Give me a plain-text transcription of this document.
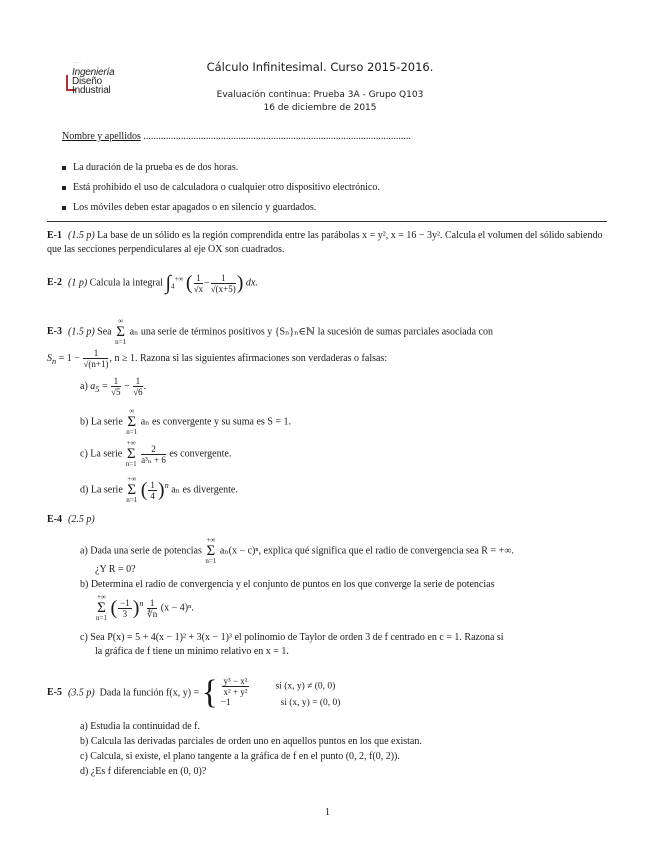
·····
Ingeniería
Diseño
Industrial
Cálculo Infinitesimal. Curso 2015-2016.
Evaluación continua: Prueba 3A - Grupo Q103
16 de diciembre de 2015
Nombre y apellidos ...........................................................................................................
La duración de la prueba es de dos horas.
Está prohibido el uso de calculadora o cualquier otro dispositivo electrónico.
Los móviles deben estar apagados o en silencio y guardados.
E-1 (1.5 p) La base de un sólido es la región comprendida entre las parábolas x = y², x = 16 − 3y². Calcula el volumen del sólido sabiendo que las secciones perpendiculares al eje OX son cuadrados.
E-2 (1 p) Calcula la integral $\int_4^{+\infty}$ ( $\frac{1}{√x} - \frac{1}{√(x+5)}$ ) dx.
E-3 (1.5 p) Sea ∞
Σ
n=1 aₙ una serie de términos positivos y {Sₙ}ₙ∈ℕ la sucesión de sumas parciales asociada con
$S_n = 1 - \frac{1}{√(n+1)}$ , n ≥ 1. Razona si las siguientes afirmaciones son verdaderas o falsas:
a) $a_5 = \frac{1}{√5} - \frac{1}{√6}$ .
b) La serie ∞
Σ
n=1 aₙ es convergente y su suma es S = 1.
c) La serie +∞
Σ
$n=1 \frac{2}{\text{a³ₙ + 6}}$ es convergente.
d) La serie +∞
Σ
n=1 ( $\frac{1}{4} )^n$ aₙ es divergente.
E-4 (2.5 p)
a) Dada una serie de potencias +∞
Σ
n=1 aₙ(x − c)ⁿ, explica qué significa que el radio de convergencia sea R = +∞.
¿Y R = 0?
b) Determina el radio de convergencia y el conjunto de puntos en los que converge la serie de potencias
+∞
Σ
n=1 ( $\frac{-1}{3} )^n \frac{1}{∜n} (x - 4)^n$.
c) Sea P(x) = 5 + 4(x − 1)² + 3(x − 1)³ el polinomio de Taylor de orden 3 de f centrado en c = 1. Razona si
la gráfica de f tiene un mínimo relativo en x = 1.
E-5 (3.5 p) Dada la función f(x, y) = { $\frac{\text{y³ − x²}}{\text{x² + y²}}$	si (x, y) ≠ (0, 0)
−1	si (x, y) = (0, 0)
a) Estudia la continuidad de f.
b) Calcula las derivadas parciales de orden uno en aquellos puntos en los que existan.
c) Calcula, si existe, el plano tangente a la gráfica de f en el punto (0, 2, f(0, 2)).
d) ¿Es f diferenciable en (0, 0)?
1
